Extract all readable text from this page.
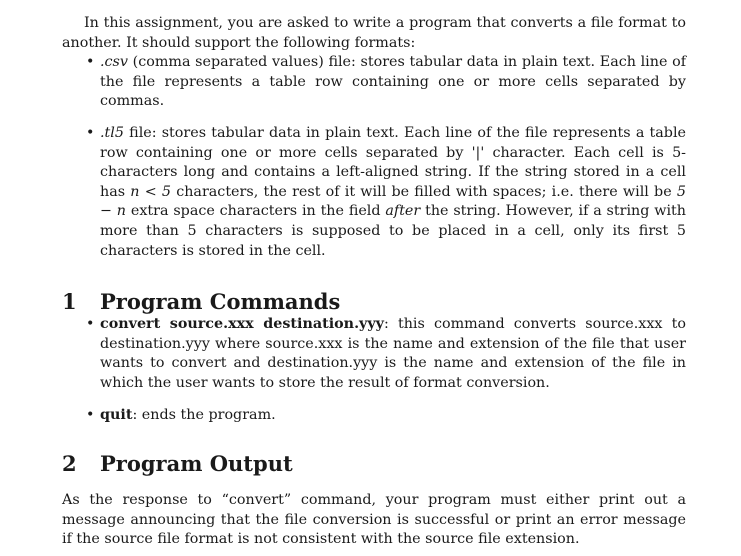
In this assignment, you are asked to write a program that converts a file format to another. It should support the following formats:

• .csv (comma separated values) file: stores tabular data in plain text. Each line of the file represents a table row containing one or more cells separated by commas.
• .tl5 file: stores tabular data in plain text. Each line of the file represents a table row containing one or more cells separated by '|' character. Each cell is 5-characters long and contains a left-aligned string. If the string stored in a cell has n < 5 characters, the rest of it will be filled with spaces; i.e. there will be 5 − n extra space characters in the field after the string. However, if a string with more than 5 characters is supposed to be placed in a cell, only its first 5 characters is stored in the cell.
1 Program Commands
• convert source.xxx destination.yyy: this command converts source.xxx to destination.yyy where source.xxx is the name and extension of the file that user wants to convert and destination.yyy is the name and extension of the file in which the user wants to store the result of format conversion.
• quit: ends the program.
2 Program Output

As the response to “convert” command, your program must either print out a message announcing that the file conversion is successful or print an error message if the source file format is not consistent with the source file extension.
